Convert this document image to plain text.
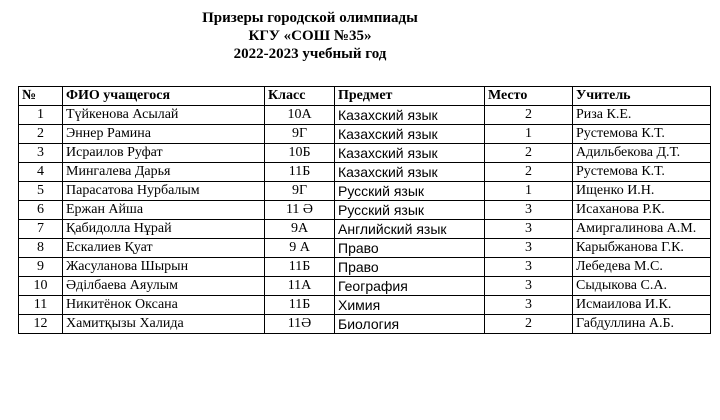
Призеры городской олимпиады
КГУ «СОШ №35»
2022-2023 учебный год
№	ФИО учащегося	Класс	Предмет	Место	Учитель
1	Түйкенова Асылай	10А	Казахский язык	2	Риза К.Е.
2	Эннер Рамина	9Г	Казахский язык	1	Рустемова К.Т.
3	Исраилов Руфат	10Б	Казахский язык	2	Адильбекова Д.Т.
4	Мингалева Дарья	11Б	Казахский язык	2	Рустемова К.Т.
5	Парасатова Нурбалым	9Г	Русский язык	1	Ищенко И.Н.
6	Ержан Айша	11 Ә	Русский язык	3	Исаханова Р.К.
7	Қабидолла Нұрай	9А	Английский язык	3	Амиргалинова А.М.
8	Ескалиев Қуат	9 А	Право	3	Карыбжанова Г.К.
9	Жасуланова Шырын	11Б	Право	3	Лебедева М.С.
10	Әділбаева Аяулым	11А	География	3	Сыдыкова С.А.
11	Никитёнок Оксана	11Б	Химия	3	Исмаилова И.К.
12	Хамитқызы Халида	11Ә	Биология	2	Габдуллина А.Б.
